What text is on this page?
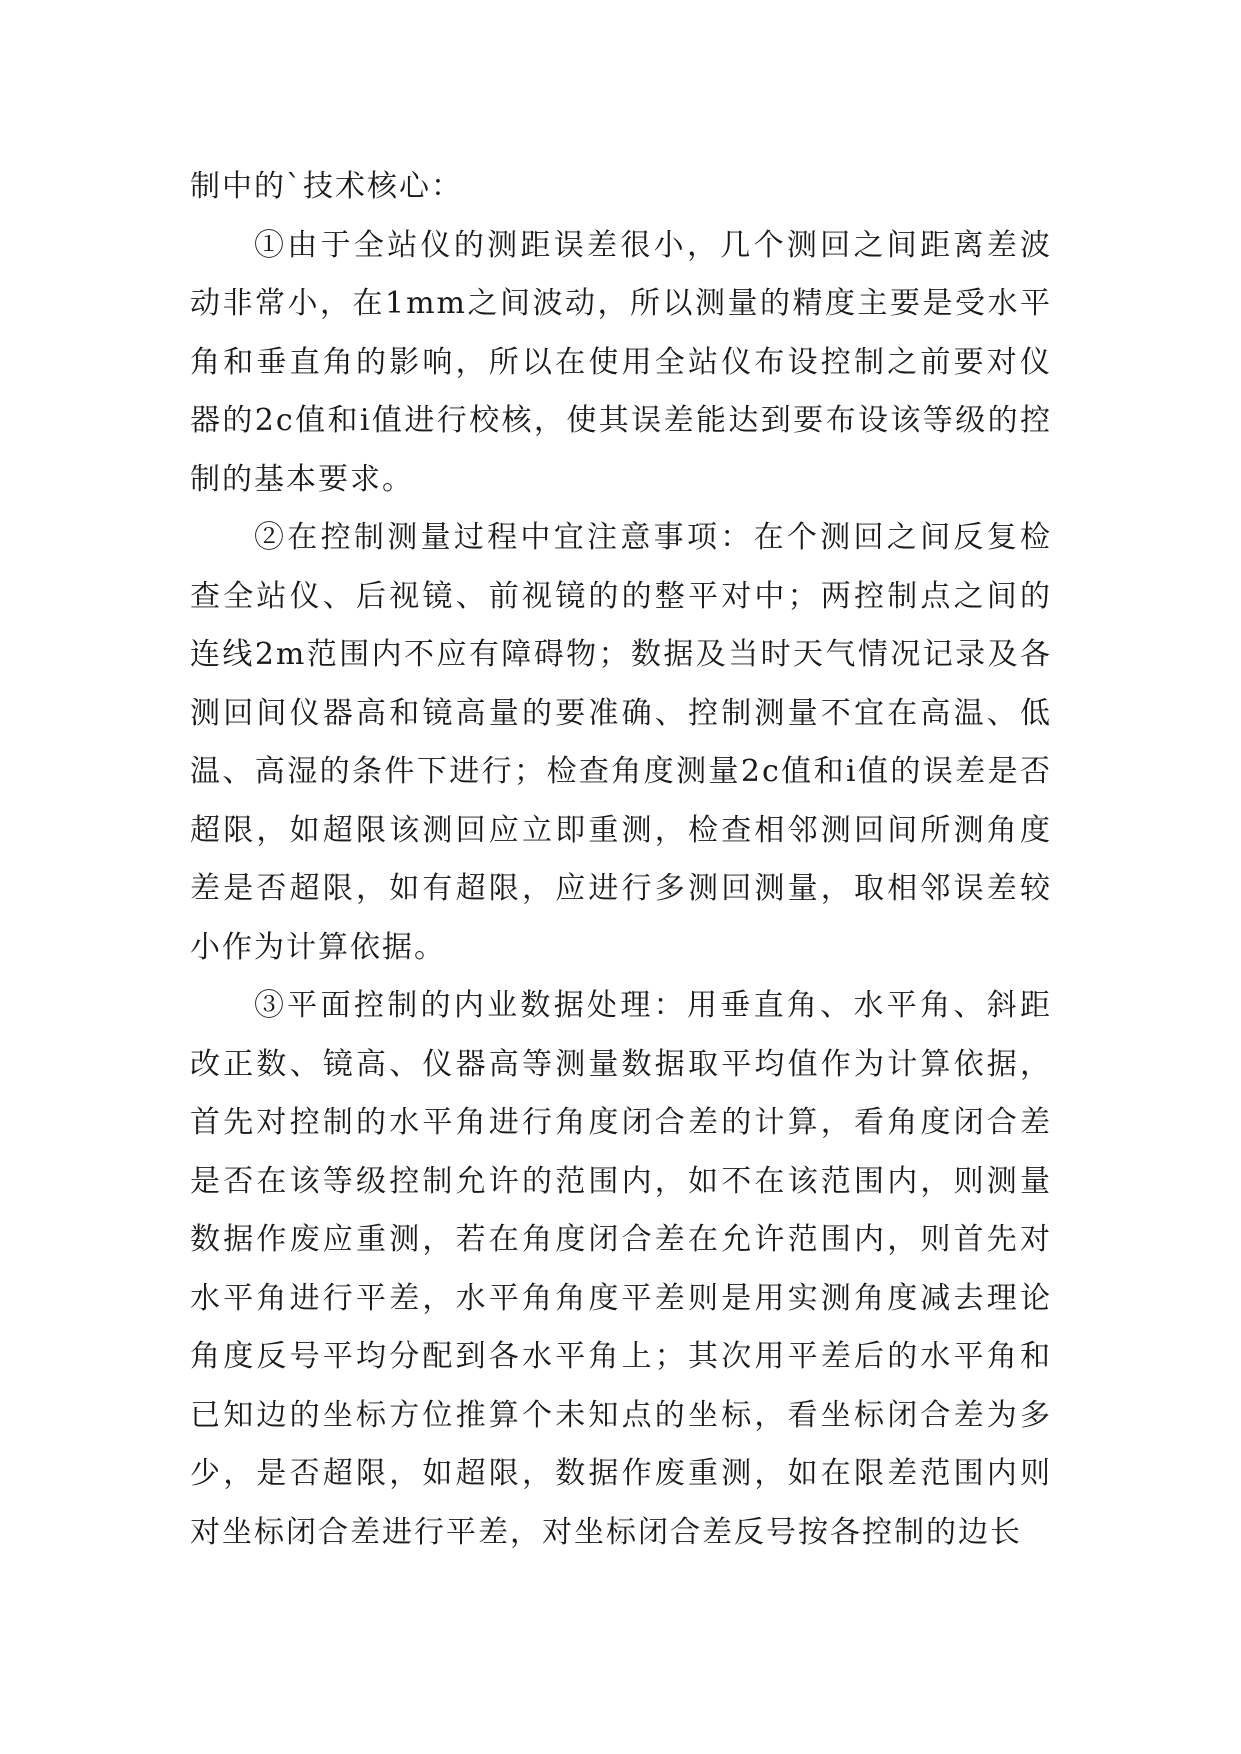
制中的`技术核心：

①由于全站仪的测距误差很小，几个测回之间距离差波动非常小，在1mm之间波动，所以测量的精度主要是受水平角和垂直角的影响，所以在使用全站仪布设控制之前要对仪器的2c值和i值进行校核，使其误差能达到要布设该等级的控制的基本要求。

②在控制测量过程中宜注意事项：在个测回之间反复检查全站仪、后视镜、前视镜的的整平对中；两控制点之间的连线2m范围内不应有障碍物；数据及当时天气情况记录及各测回间仪器高和镜高量的要准确、控制测量不宜在高温、低温、高湿的条件下进行；检查角度测量2c值和i值的误差是否超限，如超限该测回应立即重测，检查相邻测回间所测角度差是否超限，如有超限，应进行多测回测量，取相邻误差较小作为计算依据。

③平面控制的内业数据处理：用垂直角、水平角、斜距改正数、镜高、仪器高等测量数据取平均值作为计算依据，首先对控制的水平角进行角度闭合差的计算，看角度闭合差是否在该等级控制允许的范围内，如不在该范围内，则测量数据作废应重测，若在角度闭合差在允许范围内，则首先对水平角进行平差，水平角角度平差则是用实测角度减去理论角度反号平均分配到各水平角上；其次用平差后的水平角和已知边的坐标方位推算个未知点的坐标，看坐标闭合差为多少，是否超限，如超限，数据作废重测，如在限差范围内则对坐标闭合差进行平差，对坐标闭合差反号按各控制的边长
